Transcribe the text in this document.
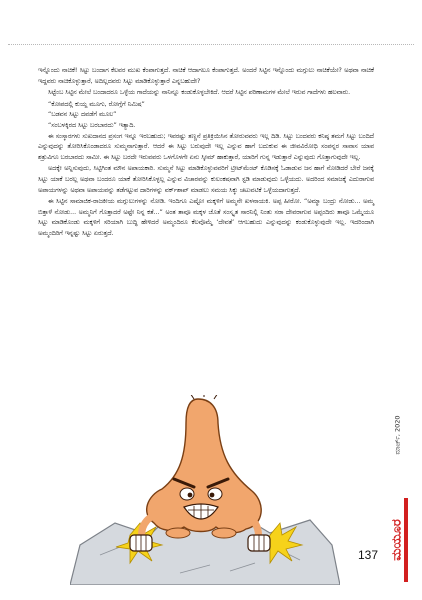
ಇನ್ನೊಂದು ನಾಚಿಕೆ! ಸಿಟ್ಟು ಬಂದಾಗ ಕೆಲವರ ಮುಖ ಕೆಂಪಾಗುತ್ತದೆ. ನಾಚಿಕೆ ಆದಾಗಲೂ ಕೆಂಪಾಗುತ್ತದೆ. ಅಂದರೆ ಸಿಟ್ಟಿನ ಇನ್ನೊಂದು ಮಗ್ಗುಲು ನಾಚಿಕೆಯೇ? ಅಥವಾ ನಾಚಿಕೆ ಇದ್ದವರು ನಾಚಿಕೊಳ್ಳುತ್ತಾರೆ, ಅದಿಲ್ಲದವರು ಸಿಟ್ಟು ಮಾಡಿಕೊಳ್ಳುತ್ತಾರೆ ಎನ್ನಬಹುದೇ?

ಸಿಟ್ಟೆಂಬ ಸಿಟ್ಟಿನ ಮೇಲೆ ಬಂದಾದರೂ ಒಳ್ಳೆಯ ಗಾದೆಯನ್ನು ನಾನಿನ್ನೂ ಕಂಡುಕೊಳ್ಳಬೇಕಿದೆ. ಆದರೆ ಸಿಟ್ಟಿನ ಪರಿಣಾಮಗಳ ಮೇಲೆ ಇರುವ ಗಾದೆಗಳು ಹಲವಾರು.

“ಕೋಪದಲ್ಲಿ ಕುಯ್ದ ಮೂಗು, ರೋಗ್ಗೆಗೆ ನಿಮಿಷ”

“ಬಡವನ ಸಿಟ್ಟು ದವಡೆಗೆ ಮೂಲ”

“ಸಂಬಳಕ್ಕಿರದ ಸಿಟ್ಟು ಬರಬಾರದು” ಇತ್ಯಾದಿ.

ಈ ಸಂಸ್ಕಾರಗಳು ಸುಖದಾನದ ಪ್ರಸಂಗ ಇನ್ನೂ ಇರಬಹುದು; ಇವರಷ್ಟು ತಣ್ಣನೆ ಪ್ರತಿಕ್ರಿಯಿಸಿನ ತೋರುವವರು ಇಲ್ಲ ದಿಡಿ. ಸಿಟ್ಟು ಬಂದವರು ಕನಿಷ್ಠ ತಮಗೆ ಸಿಟ್ಟು ಬಂದಿದೆ ಎನ್ನುವುದನ್ನು ತೋರಿಸಿಕೊಂಡಾದರೂ ಸುಮ್ಮನಾಗುತ್ತಾರೆ. ಆದರೆ ಈ ಸಿಟ್ಟು ಬರುವುದೇ ಇಲ್ಲ ಎನ್ನುವ ಹಾಗೆ ಬದುಕುವ ಈ ಜೀವವಿರೋಧಿ ಸಂಪನ್ನರ ಸಾವಾಸ ಯಾವ ಶತ್ರುವಿಗೂ ಬರಬಾರದು ಸಾಮೀ. ಈ ಸಿಟ್ಟು ಬರದೇ ಇರುವವರು ಒಳಗೊಳಗೇ ಏನು ಸ್ಕೀಮ್ ಹಾಕುತ್ತಾರೆ, ಯಾರಿಗೆ ಗುನ್ನ ಇಡುತ್ತಾರೆ ಎನ್ನುವುದು ಗೊತ್ತಾಗುವುದೇ ಇಲ್ಲ.

ಅದಕ್ಕೇ ಅನ್ನಿಸುವುದು, ಸಿಟ್ಟಿಗಿಂತ ಮೌನ ಅಪಾಯಕಾರಿ. ಸುಮ್ಮನೆ ಸಿಟ್ಟು ಮಾಡಿಕೊಳ್ಳುವವರಿಗೆ ಟ್ರೀಟ್‌ಮೆಂಟ್ ಕೊಡಿಸಕ್ಕೆ ಓಡಾಡುವ ಜನ ಹಾಗೆ ನೋಡಿದರೆ ಬೇರೆ ಜನಕ್ಕೆ ಸಿಟ್ಟು ಯಾಕೆ ಬರಲ್ಲ ಅಥವಾ ಬಂದರೂ ಯಾಕೆ ತೋರಿಸಿಕೊಳ್ಳಲ್ಲ ಎನ್ನುವ ವಿಚಾರವನ್ನು ಕುಲಂಕಷವಾಗಿ ಸ್ಟಡಿ ಮಾಡುವುದು ಒಳ್ಳೆಯದು. ಅದರಿಂದ ಸಮಾಜಕ್ಕೆ ಎದುರಾಗುವ ಅಪಾಯಗಳನ್ನು ಅಥವಾ ಅಪಾಯವನ್ನು ತಡೆಗಟ್ಟುವ ದಾರಿಗಳನ್ನು ವರ್ಕ್‌ಶಾಪ್ ಮಾಡಲು ಸಮಯ ಸಿಕ್ಕು ಚಟುವಟಿಕೆ ಒಳ್ಳೆಯದಾಗುತ್ತದೆ.

ಈ ಸಿಟ್ಟಿನ ಸಾಮಾಜಿಕ-ರಾಜಕೀಯ ಮಗ್ಗುಲುಗಳನ್ನು ನೋಡಿ. ಇಂದಿಗೂ ಎಷ್ಟೋ ಮಕ್ಕಳಿಗೆ ಅಮ್ಮನೇ ಖಳನಾಯಕಿ. ಅಪ್ಪ ಹೀರೋ. “ಅಮ್ಮಾ ಬಂದ್ರು ನೋಡು... ಅಮ್ಮ ಬಿತ್ತಾಳೆ ನೋಡು... ಅಮ್ಮನಿಗೆ ಗೊತ್ತಾದರೆ ಅಷ್ಟೇ ನಿನ್ನ ಕತೆ...” ಅಂತ ತಾವೂ ಮಕ್ಕಳ ಜೊತೆ ಸಂಸ್ಕೃತ ಸಾರನಿಲ್ಲಿ ನಿಂತು ಸರಾ ದೇವರಾಗುವ ಅಪ್ಪಂದಿರು ತಾವೂ ಒಮ್ಮೆಯೂ ಸಿಟ್ಟು ಮಾಡಿಕೊಂಡು ಮಕ್ಕಳಿಗೆ ಸರಿಯಾಗಿ ಬುದ್ಧಿ ಹೇಳಿದರೆ ಅಮ್ಮಂದಿರೂ ಕೆಲವೊಮ್ಮೆ ‘ದೇವತೆ’ ಆಗಬಹುದು ಎನ್ನುವುದನ್ನು ಕಂಡುಕೊಳ್ಳುವುದೇ ಇಲ್ಲ. ಇದರಿಂದಾಗಿ ಅಮ್ಮಂದಿರಿಗೆ ಇನ್ನಷ್ಟು ಸಿಟ್ಟು ಏರುತ್ತದೆ.

ಮಾರ್ಚ್, 2020
ಮಯೂರ
137
